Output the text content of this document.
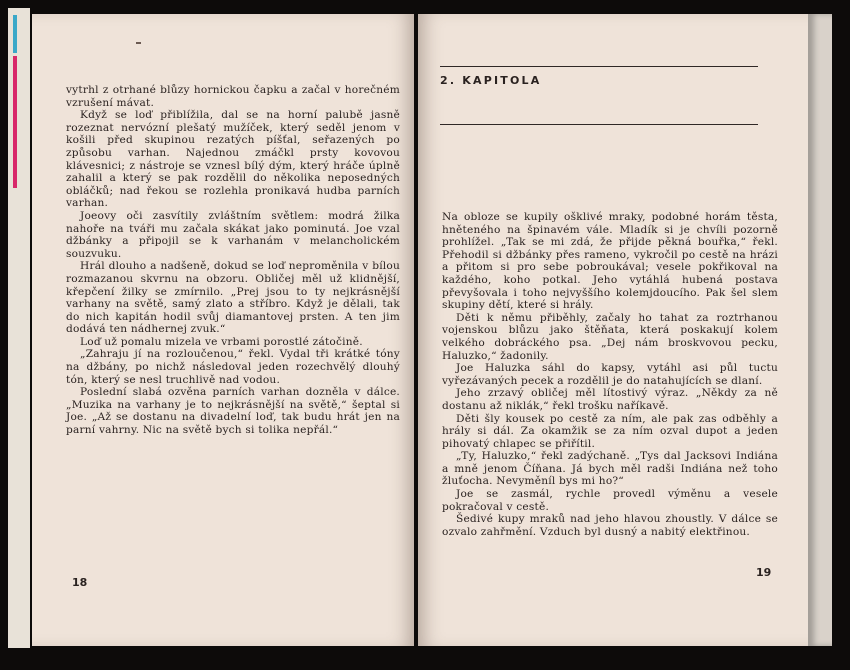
vytrhl z otrhané blůzy hornickou čapku a začal v horečném vzrušení mávat.

Když se loď přiblížila, dal se na horní palubě jasně rozeznat nervózní plešatý mužíček, který seděl jenom v košili před skupinou rezatých píšťal, seřazených po způsobu varhan. Najednou zmáčkl prsty kovovou klávesnici; z nástroje se vznesl bílý dým, který hráče úplně zahalil a který se pak rozdělil do několika neposedných obláčků; nad řekou se rozlehla pronikavá hudba parních varhan.

Joeovy oči zasvítily zvláštním světlem: modrá žilka nahoře na tváři mu začala skákat jako pominutá. Joe vzal džbánky a připojil se k varhanám v melancholickém souzvuku.

Hrál dlouho a nadšeně, dokud se loď neproměnila v bílou rozmazanou skvrnu na obzoru. Obličej měl už klidnější, křepčení žilky se zmírnilo. „Prej jsou to ty nejkrásnější varhany na světě, samý zlato a stříbro. Když je dělali, tak do nich kapitán hodil svůj diamantovej prsten. A ten jim dodává ten nádhernej zvuk.“

Loď už pomalu mizela ve vrbami porostlé zátočině.

„Zahraju jí na rozloučenou,“ řekl. Vydal tři krátké tóny na džbány, po nichž následoval jeden rozechvělý dlouhý tón, který se nesl truchlivě nad vodou.

Poslední slabá ozvěna parních varhan dozněla v dálce. „Muzika na varhany je to nejkrásnější na světě,“ šeptal si Joe. „Až se dostanu na divadelní loď, tak budu hrát jen na parní vahrny. Nic na světě bych si tolika nepřál.“

18
2. KAPITOLA

Na obloze se kupily ošklivé mraky, podobné horám těsta, hněteného na špinavém vále. Mladík si je chvíli pozorně prohlížel. „Tak se mi zdá, že přijde pěkná bouřka,“ řekl. Přehodil si džbánky přes rameno, vykročil po cestě na hrázi a přitom si pro sebe pobroukával; vesele pokřikoval na každého, koho potkal. Jeho vytáhlá hubená postava převyšovala i toho nejvyššího kolemjdoucího. Pak šel slem skupiny dětí, které si hrály.

Děti k němu přiběhly, začaly ho tahat za roztrhanou vojenskou blůzu jako štěňata, která poskakují kolem velkého dobráckého psa. „Dej nám broskvovou pecku, Haluzko,“ žadonily.

Joe Haluzka sáhl do kapsy, vytáhl asi půl tuctu vyřezávaných pecek a rozdělil je do natahujících se dlaní.

Jeho zrzavý obličej měl lítostivý výraz. „Někdy za ně dostanu až niklák,“ řekl trošku naříkavě.

Děti šly kousek po cestě za ním, ale pak zas odběhly a hrály si dál. Za okamžik se za ním ozval dupot a jeden pihovatý chlapec se přiřítil.

„Ty, Haluzko,“ řekl zadýchaně. „Tys dal Jacksovi Indiána a mně jenom Číňana. Já bych měl radši Indiána než toho žluťocha. Nevyměníl bys mi ho?“

Joe se zasmál, rychle provedl výměnu a vesele pokračoval v cestě.

Šedivé kupy mraků nad jeho hlavou zhoustly. V dálce se ozvalo zahřmění. Vzduch byl dusný a nabitý elektřinou.

19
